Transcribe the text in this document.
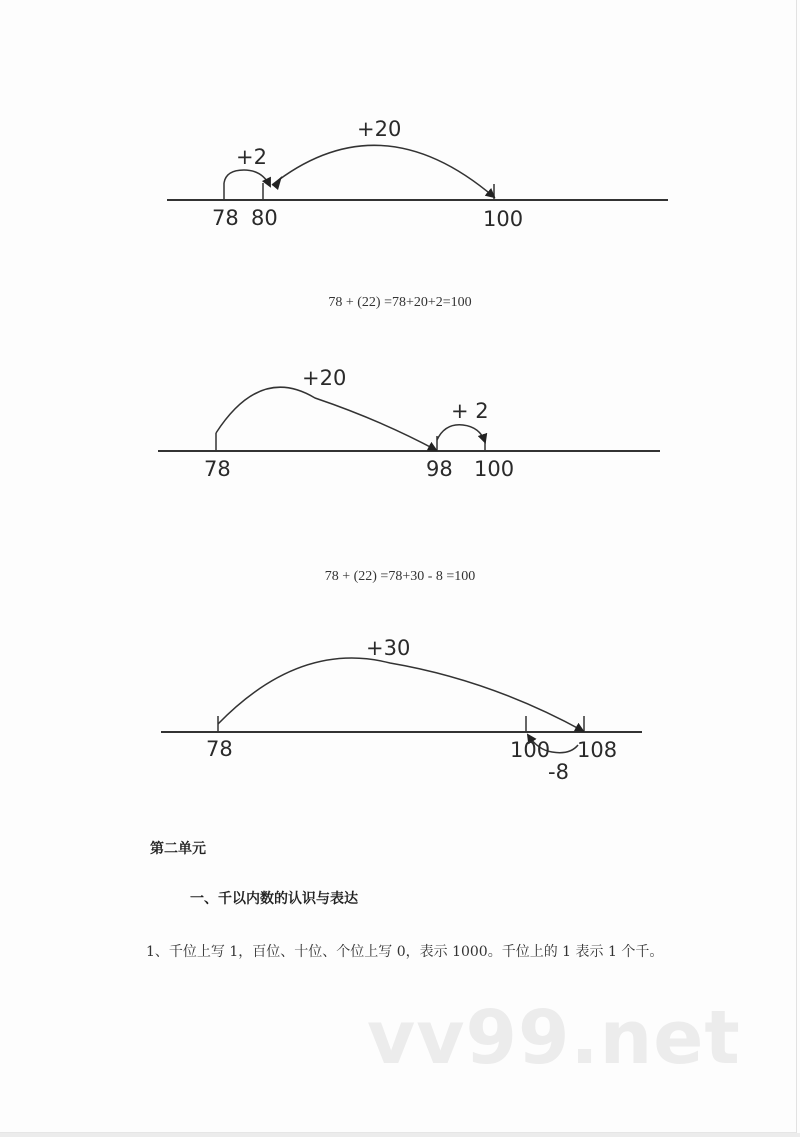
+2
+20
78 80	100
78 + (22) =78+20+2=100
+20
+ 2
78	98 100
78 + (22) =78+30 - 8 =100
+30
-8
78	100 108
第二单元
一、千以内数的认识与表达
1、千位上写 1，百位、十位、个位上写 0，表示 1000。千位上的 1 表示 1 个千。
vv99.net
